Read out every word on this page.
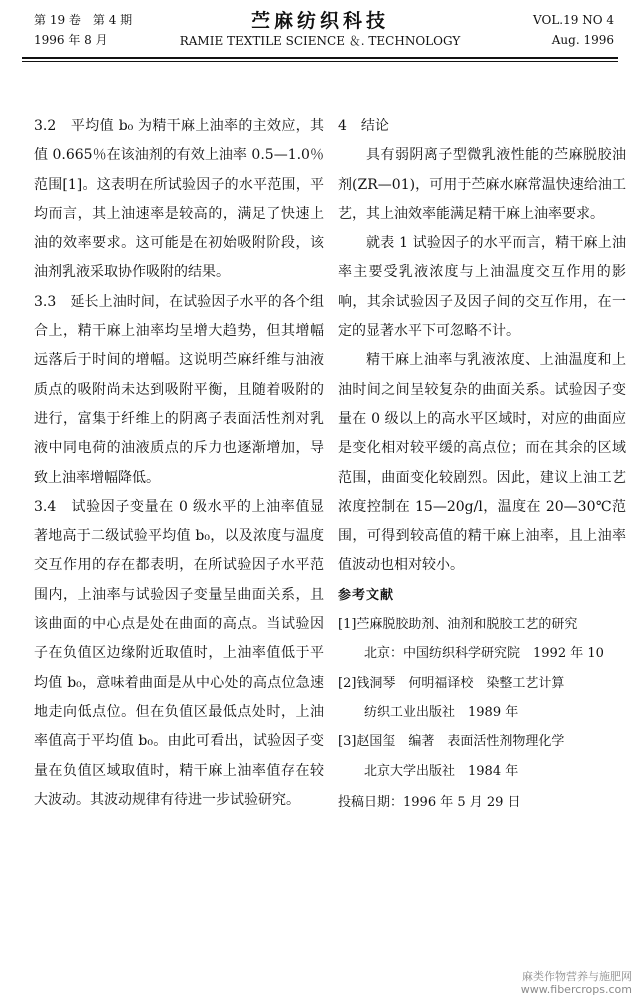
第 19 卷　第 4 期
1996 年 8 月
苎麻纺织科技
RAMIE TEXTILE SCIENCE ＆. TECHNOLOGY
VOL.19 NO 4
Aug. 1996

3.2　平均值 b₀ 为精干麻上油率的主效应，其值 0.665％在该油剂的有效上油率 0.5—1.0％范围[1]。这表明在所试验因子的水平范围，平均而言，其上油速率是较高的，满足了快速上油的效率要求。这可能是在初始吸附阶段，该油剂乳液采取协作吸附的结果。

3.3　延长上油时间，在试验因子水平的各个组合上，精干麻上油率均呈增大趋势，但其增幅远落后于时间的增幅。这说明苎麻纤维与油液质点的吸附尚未达到吸附平衡，且随着吸附的进行，富集于纤维上的阴离子表面活性剂对乳液中同电荷的油液质点的斥力也逐渐增加，导致上油率增幅降低。

3.4　试验因子变量在 0 级水平的上油率值显著地高于二级试验平均值 b₀，以及浓度与温度交互作用的存在都表明，在所试验因子水平范围内，上油率与试验因子变量呈曲面关系，且该曲面的中心点是处在曲面的高点。当试验因子在负值区边缘附近取值时，上油率值低于平均值 b₀，意味着曲面是从中心处的高点位急速地走向低点位。但在负值区最低点处时，上油率值高于平均值 b₀。由此可看出，试验因子变量在负值区域取值时，精干麻上油率值存在较大波动。其波动规律有待进一步试验研究。

4　结论

具有弱阴离子型微乳液性能的苎麻脱胶油剂(ZR—01)，可用于苎麻水麻常温快速给油工艺，其上油效率能满足精干麻上油率要求。

就表 1 试验因子的水平而言，精干麻上油率主要受乳液浓度与上油温度交互作用的影响，其余试验因子及因子间的交互作用，在一定的显著水平下可忽略不计。

精干麻上油率与乳液浓度、上油温度和上油时间之间呈较复杂的曲面关系。试验因子变量在 0 级以上的高水平区域时，对应的曲面应是变化相对较平缓的高点位；而在其余的区域范围，曲面变化较剧烈。因此，建议上油工艺浓度控制在 15—20g/l，温度在 20—30℃范围，可得到较高值的精干麻上油率，且上油率值波动也相对较小。

参考文献
[1]苎麻脱胶助剂、油剂和脱胶工艺的研究
北京：中国纺织科学研究院　1992 年 10
[2]钱洞琴　何明福译校　染整工艺计算
纺织工业出版社　1989 年
[3]赵国玺　编著　表面活性剂物理化学
北京大学出版社　1984 年
投稿日期：1996 年 5 月 29 日
麻类作物营养与施肥网
www.fibercrops.com
